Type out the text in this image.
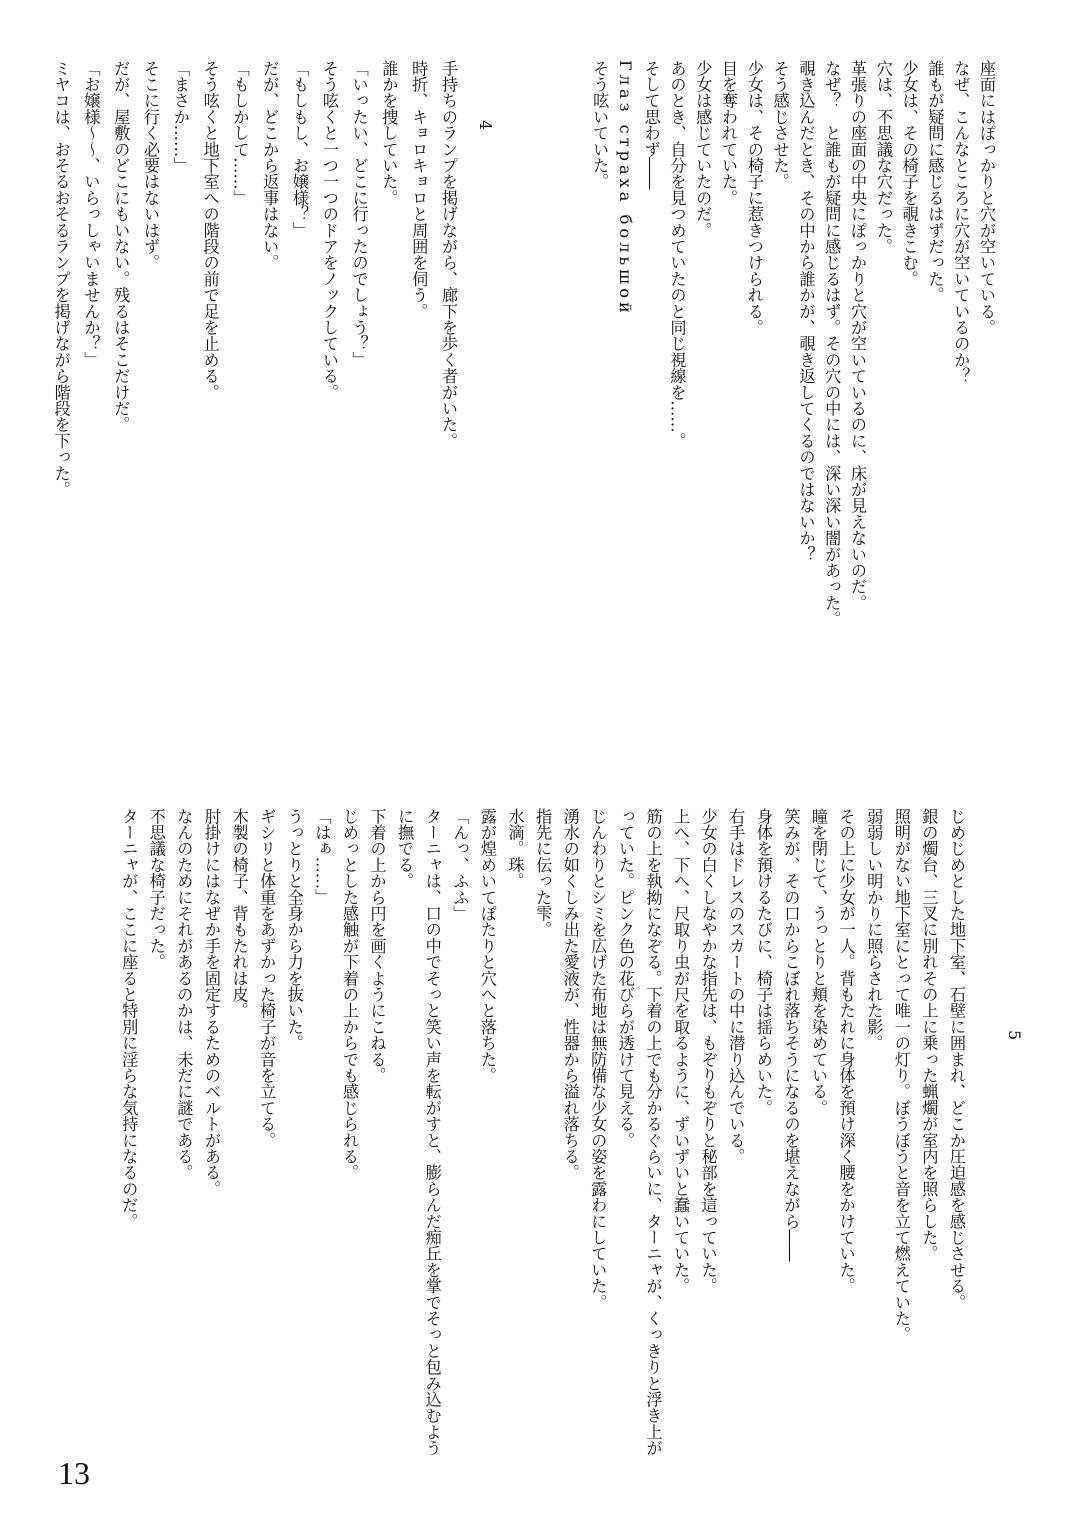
座面にはぽっかりと穴が空いている。

なぜ、こんなところに穴が空いているのか？

誰もが疑問に感じるはずだった。

少女は、その椅子を覗きこむ。

穴は、不思議な穴だった。

革張りの座面の中央にぽっかりと穴が空いているのに、床が見えないのだ。

なぜ？　と誰もが疑問に感じるはず。その穴の中には、深い深い闇があった。

覗き込んだとき、その中から誰かが、覗き返してくるのではないか？

そう感じさせた。

少女は、その椅子に惹きつけられる。

目を奪われていた。

少女は感じていたのだ。

あのとき、自分を見つめていたのと同じ視線を……。

そして思わず――

Глаз страха большой

そう呟いていた。

4

手持ちのランプを掲げながら、廊下を歩く者がいた。

時折、キョロキョロと周囲を伺う。

誰かを捜していた。

「いったい、どこに行ったのでしょう？」

そう呟くと一つ一つのドアをノックしている。

「もしもし、お嬢様？」

だが、どこから返事はない。

「もしかして……」

そう呟くと地下室への階段の前で足を止める。

「まさか……」

そこに行く必要はないはず。

だが、屋敷のどこにもいない。残るはそこだけだ。

「お嬢様～～、いらっしゃいませんか？」

ミヤコは、おそるおそるランプを掲げながら階段を下った。

5

じめじめとした地下室、石壁に囲まれ、どこか圧迫感を感じさせる。

銀の燭台、三叉に別れその上に乗った蝋燭が室内を照らした。

照明がない地下室にとって唯一の灯り。ぼうぼうと音を立て燃えていた。

弱弱しい明かりに照らされた影。

その上に少女が一人。背もたれに身体を預け深く腰をかけていた。

瞳を閉じて、うっとりと頬を染めている。

笑みが、その口からこぼれ落ちそうになるのを堪えながら――

身体を預けるたびに、椅子は揺らめいた。

右手はドレスのスカートの中に潜り込んでいる。

少女の白くしなやかな指先は、もぞりもぞりと秘部を這っていた。

上へ、下へ、尺取り虫が尺を取るように、ずいずいと蠢いていた。

筋の上を執拗になぞる。下着の上でも分かるぐらいに、ターニャが、くっきりと浮き上がっていた。ピンク色の花びらが透けて見える。

じんわりとシミを広げた布地は無防備な少女の姿を露わにしていた。

湧水の如くしみ出た愛液が、性器から溢れ落ちる。

指先に伝った雫。

水滴。珠。

露が煌めいてぽたりと穴へと落ちた。

「んっ、ふふ」

ターニャは、口の中でそっと笑い声を転がすと、膨らんだ痴丘を掌でそっと包み込むように撫でる。

下着の上から円を画くようにこねる。

じめっとした感触が下着の上からでも感じられる。

「はぁ……」

うっとりと全身から力を抜いた。

ギシリと体重をあずかった椅子が音を立てる。

木製の椅子、背もたれは皮。

肘掛けにはなぜか手を固定するためのベルトがある。

なんのためにそれがあるのかは、未だに謎である。

不思議な椅子だった。

ターニャが、ここに座ると特別に淫らな気持になるのだ。

13
